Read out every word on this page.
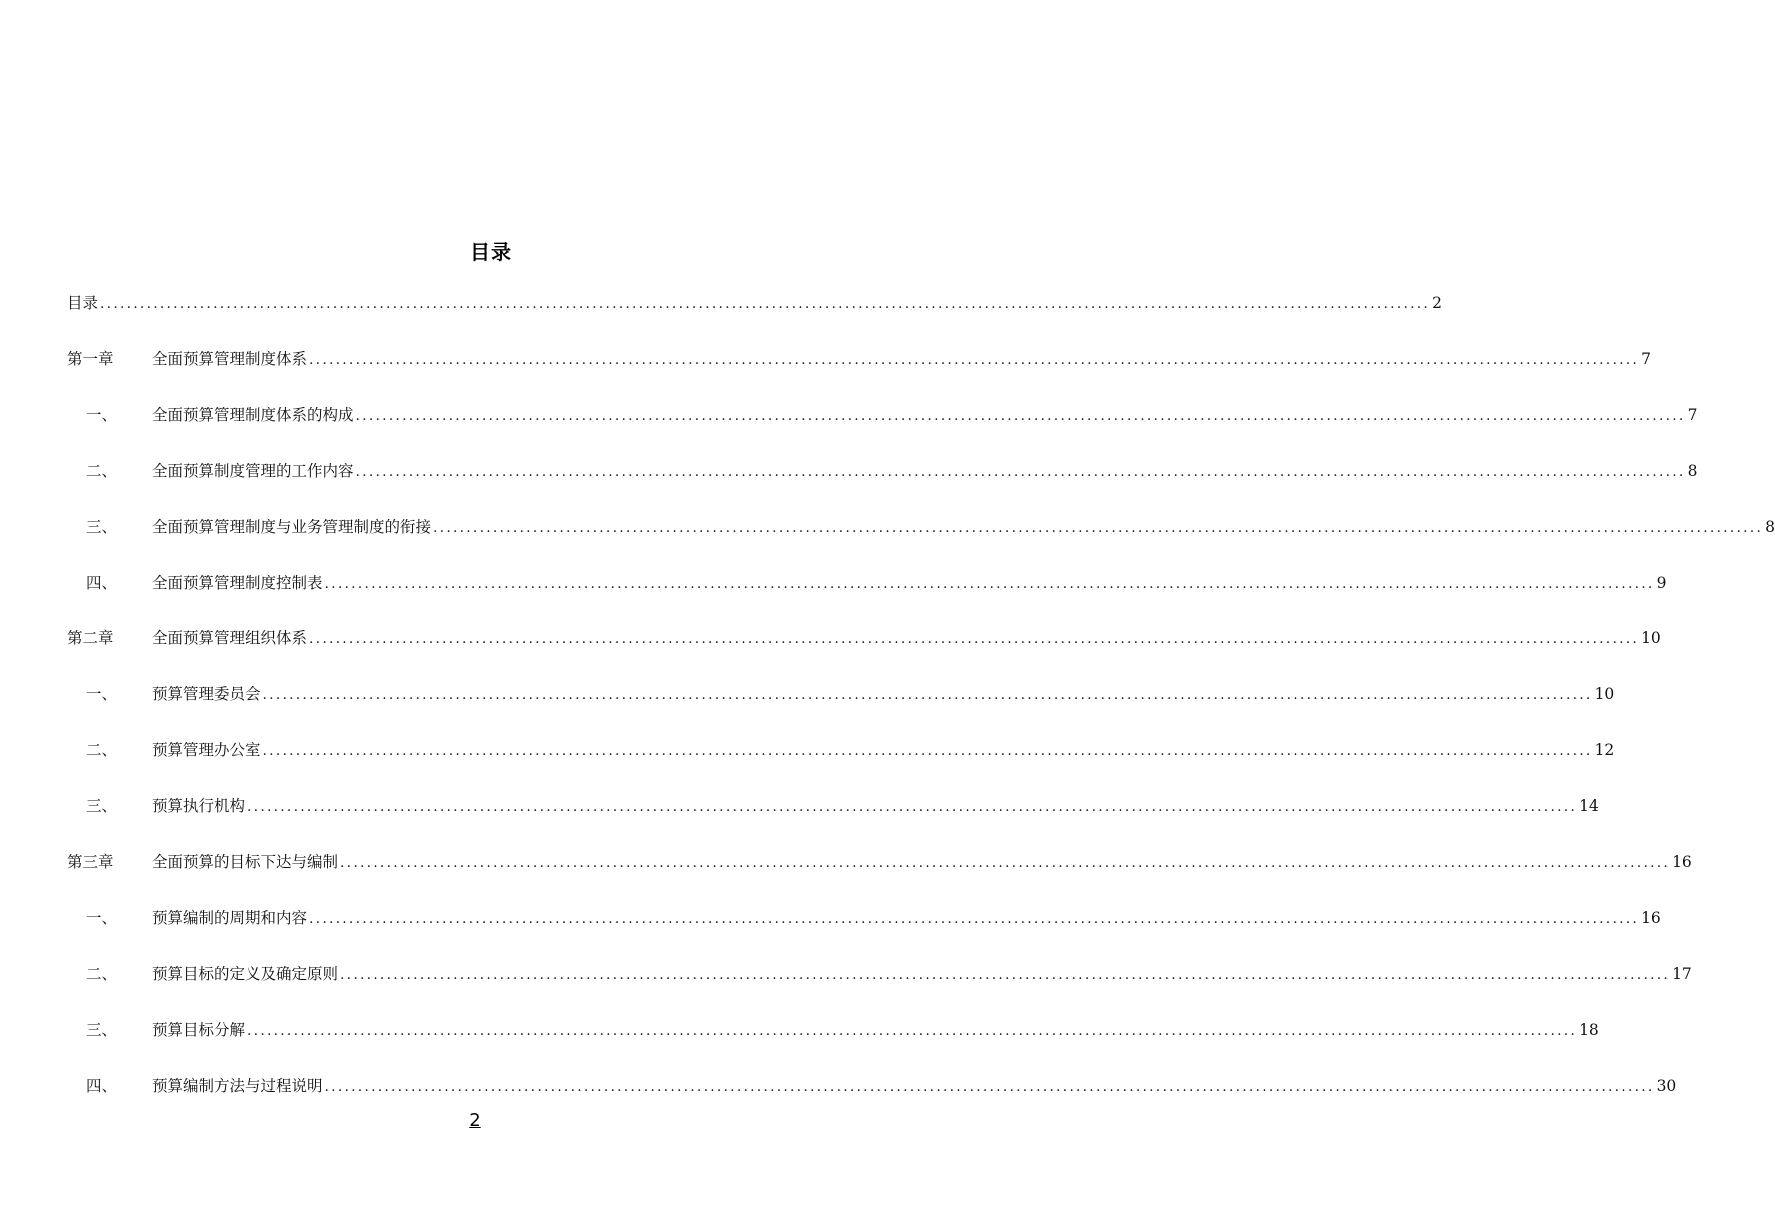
目录
目录 ........................................................................................................................................................................................................ 2
第一章	全面预算管理制度体系 ........................................................................................................................................................................................................ 7
一、	全面预算管理制度体系的构成 ........................................................................................................................................................................................................ 7
二、	全面预算制度管理的工作内容 ........................................................................................................................................................................................................ 8
三、	全面预算管理制度与业务管理制度的衔接 ........................................................................................................................................................................................................ 8
四、	全面预算管理制度控制表 ........................................................................................................................................................................................................ 9
第二章	全面预算管理组织体系 ........................................................................................................................................................................................................ 10
一、	预算管理委员会 ........................................................................................................................................................................................................ 10
二、	预算管理办公室 ........................................................................................................................................................................................................ 12
三、	预算执行机构 ........................................................................................................................................................................................................ 14
第三章	全面预算的目标下达与编制 ........................................................................................................................................................................................................ 16
一、	预算编制的周期和内容 ........................................................................................................................................................................................................ 16
二、	预算目标的定义及确定原则 ........................................................................................................................................................................................................ 17
三、	预算目标分解 ........................................................................................................................................................................................................ 18
四、	预算编制方法与过程说明 ........................................................................................................................................................................................................ 30
2
